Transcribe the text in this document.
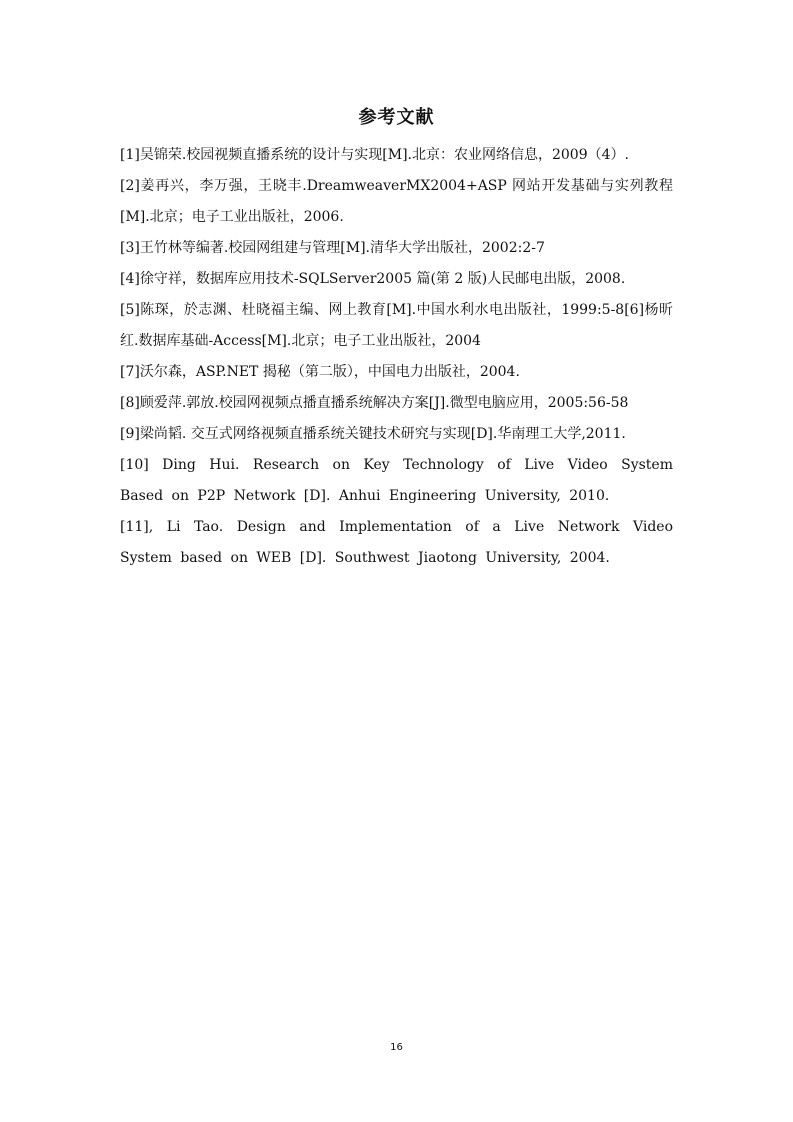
参考文献
[1]吴锦荣.校园视频直播系统的设计与实现[M].北京：农业网络信息，2009（4）.
[2]姜再兴，李万强，王晓丰.DreamweaverMX2004+ASP 网站开发基础与实列教程[M].北京；电子工业出版社，2006.
[3]王竹林等编著.校园网组建与管理[M].清华大学出版社，2002:2-7
[4]徐守祥，数据库应用技术-SQLServer2005 篇(第 2 版)人民邮电出版，2008.
[5]陈琛，於志渊、杜晓福主编、网上教育[M].中国水利水电出版社，1999:5-8[6]杨昕红.数据库基础-Access[M].北京；电子工业出版社，2004
[7]沃尔森，ASP.NET 揭秘（第二版），中国电力出版社，2004.
[8]顾爱萍.郭放.校园网视频点播直播系统解决方案[J].微型电脑应用，2005:56-58
[9]梁尚韬. 交互式网络视频直播系统关键技术研究与实现[D].华南理工大学,2011.
[10] Ding Hui. Research on Key Technology of Live Video System Based on P2P Network [D]. Anhui Engineering University, 2010.
[11], Li Tao. Design and Implementation of a Live Network Video System based on WEB [D]. Southwest Jiaotong University, 2004.

16
